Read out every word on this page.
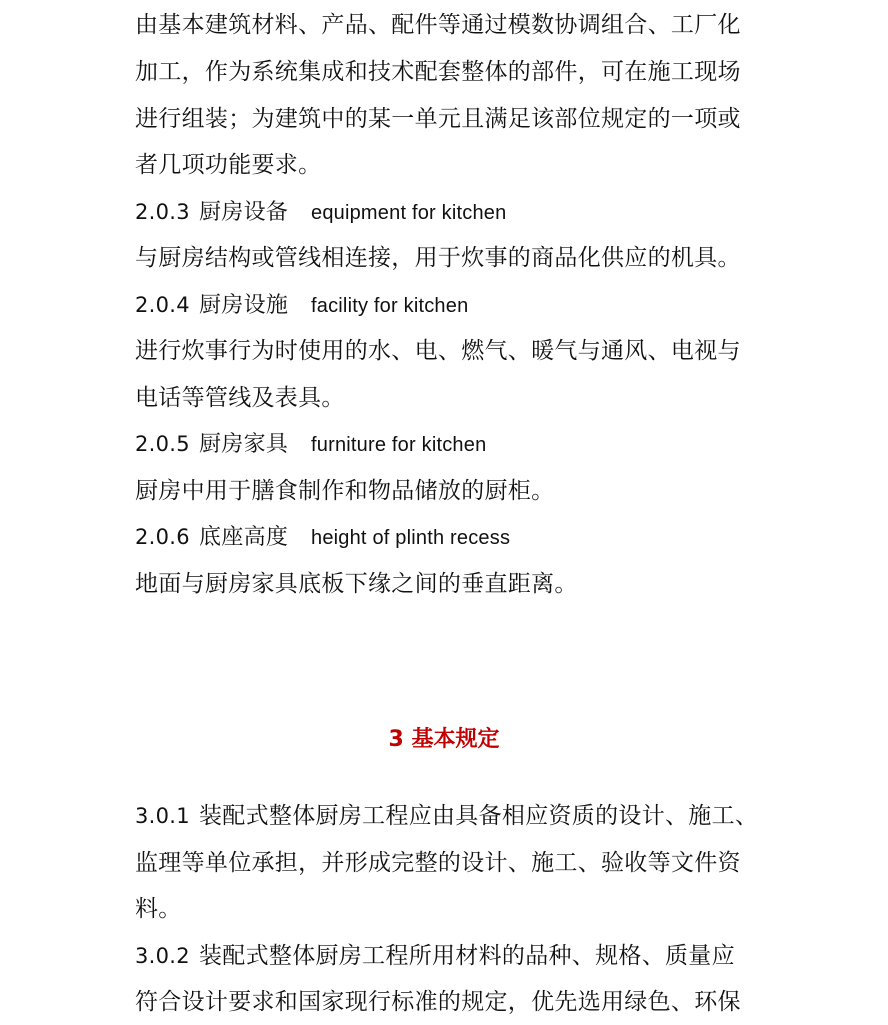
由基本建筑材料、产品、配件等通过模数协调组合、工厂化
加工，作为系统集成和技术配套整体的部件，可在施工现场
进行组装；为建筑中的某一单元且满足该部位规定的一项或
者几项功能要求。
2.0.3 厨房设备 equipment for kitchen
与厨房结构或管线相连接，用于炊事的商品化供应的机具。
2.0.4 厨房设施 facility for kitchen
进行炊事行为时使用的水、电、燃气、暖气与通风、电视与
电话等管线及表具。
2.0.5 厨房家具 furniture for kitchen
厨房中用于膳食制作和物品储放的厨柜。
2.0.6 底座高度 height of plinth recess
地面与厨房家具底板下缘之间的垂直距离。
3.0.1 装配式整体厨房工程应由具备相应资质的设计、施工、
监理等单位承担，并形成完整的设计、施工、验收等文件资
料。
3.0.2 装配式整体厨房工程所用材料的品种、规格、质量应
符合设计要求和国家现行标准的规定，优先选用绿色、环保
3 基本规定
